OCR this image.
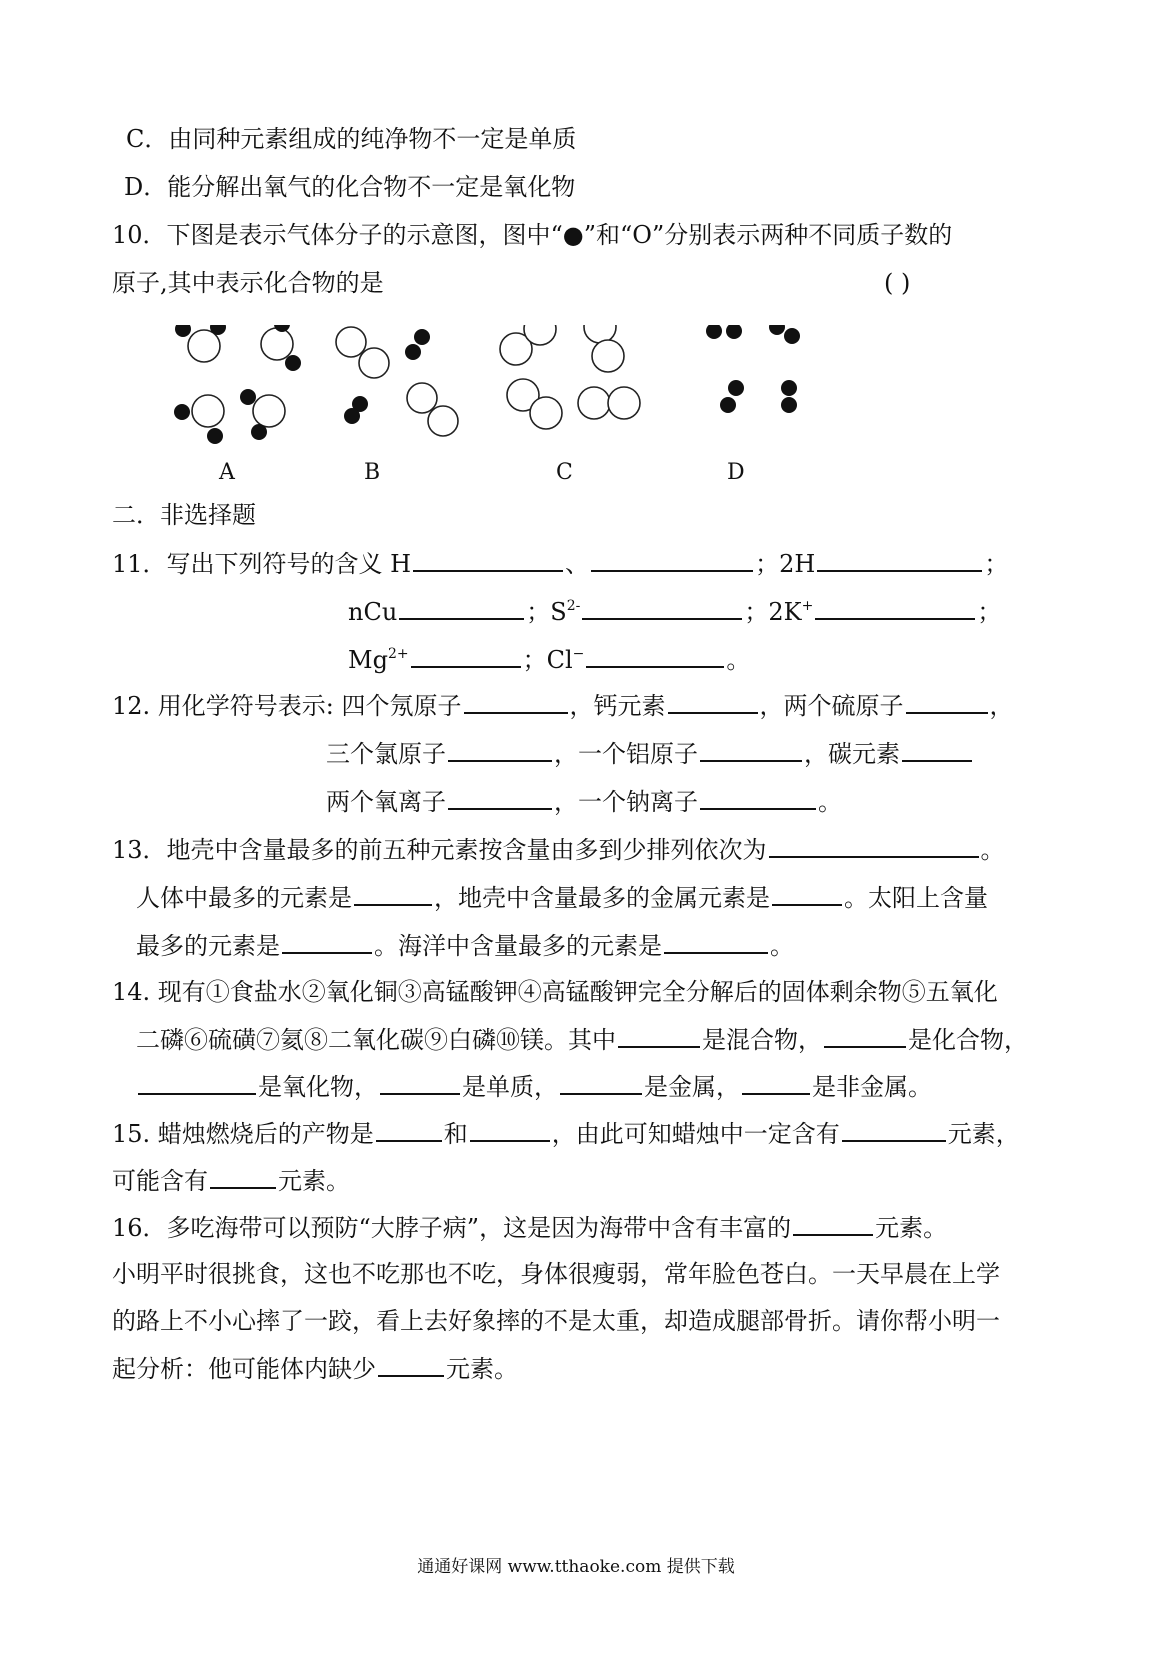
C．由同种元素组成的纯净物不一定是单质
D．能分解出氧气的化合物不一定是氧化物
10．下图是表示气体分子的示意图，图中“●”和“O”分别表示两种不同质子数的
原子,其中表示化合物的是	( )
A	B	C	D
二．非选择题
11．写出下列符号的含义 H	、	；2H	；
nCu	；$S^{2-}$	；2K+	；
$Mg^{2+}$	；Cl−	。
12. 用化学符号表示: 四个氖原子	，钙元素	，两个硫原子	，
三个氯原子	，一个铝原子	，碳元素
两个氧离子	，一个钠离子	。
13．地壳中含量最多的前五种元素按含量由多到少排列依次为	。
人体中最多的元素是	，地壳中含量最多的金属元素是	。太阳上含量
最多的元素是	。海洋中含量最多的元素是	。
14. 现有①食盐水②氧化铜③高锰酸钾④高锰酸钾完全分解后的固体剩余物⑤五氧化
二磷⑥硫磺⑦氦⑧二氧化碳⑨白磷⑩镁。其中	是混合物，	是化合物，
是氧化物，	是单质，	是金属，	是非金属。
15. 蜡烛燃烧后的产物是	和	，由此可知蜡烛中一定含有	元素，
可能含有	元素。
16．多吃海带可以预防“大脖子病”，这是因为海带中含有丰富的	元素。
小明平时很挑食，这也不吃那也不吃，身体很瘦弱，常年脸色苍白。一天早晨在上学
的路上不小心摔了一跤，看上去好象摔的不是太重，却造成腿部骨折。请你帮小明一
起分析：他可能体内缺少	元素。
通通好课网 www.tthaoke.com 提供下载
